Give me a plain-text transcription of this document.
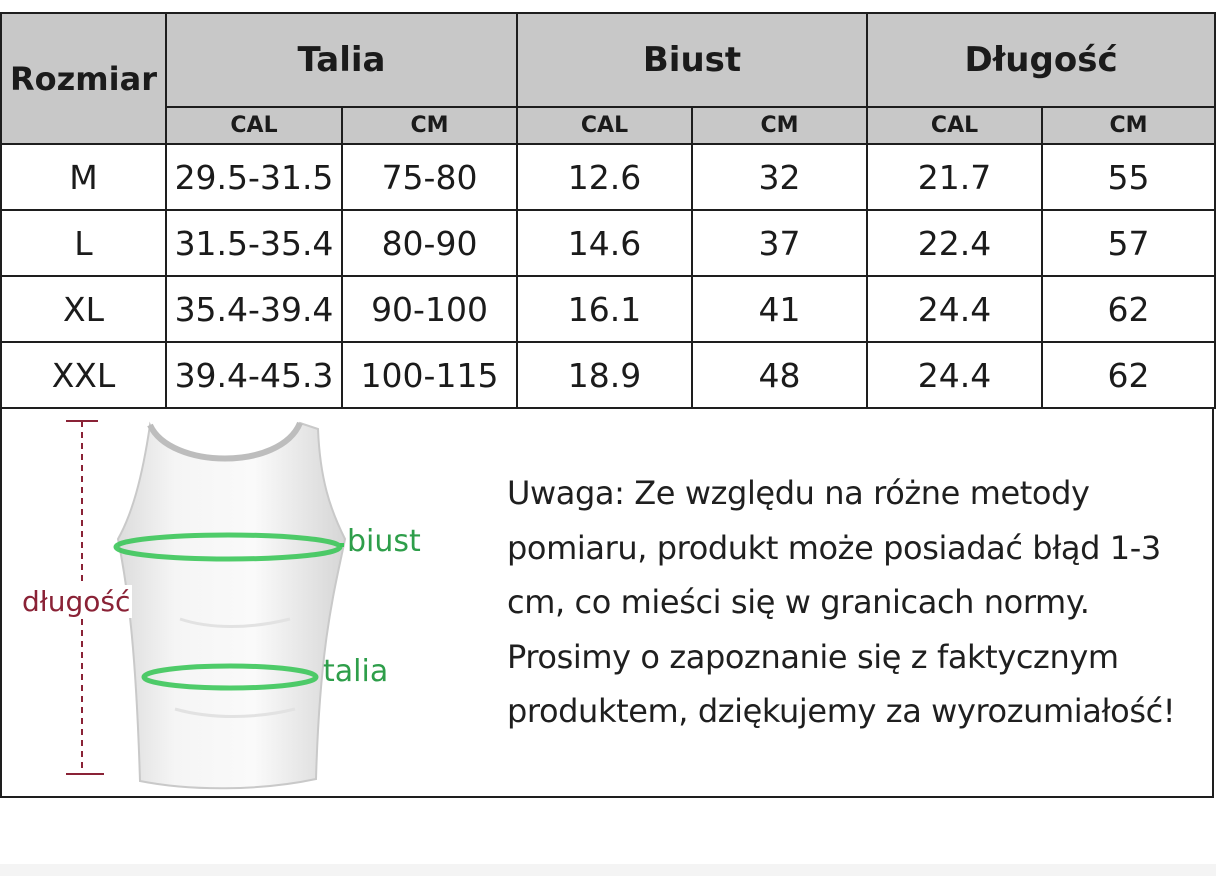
Rozmiar	Talia		Biust		Długość	
	CAL	CM	CAL	CM	CAL	CM
M	29.5-31.5	75-80	12.6	32	21.7	55
L	31.5-35.4	80-90	14.6	37	22.4	57
XL	35.4-39.4	90-100	16.1	41	24.4	62
XXL	39.4-45.3	100-115	18.9	48	24.4	62
długość
biust
talia
Uwaga: Ze względu na różne metody
pomiaru, produkt może posiadać błąd 1-3
cm, co mieści się w granicach normy.
Prosimy o zapoznanie się z faktycznym
produktem, dziękujemy za wyrozumiałość!
